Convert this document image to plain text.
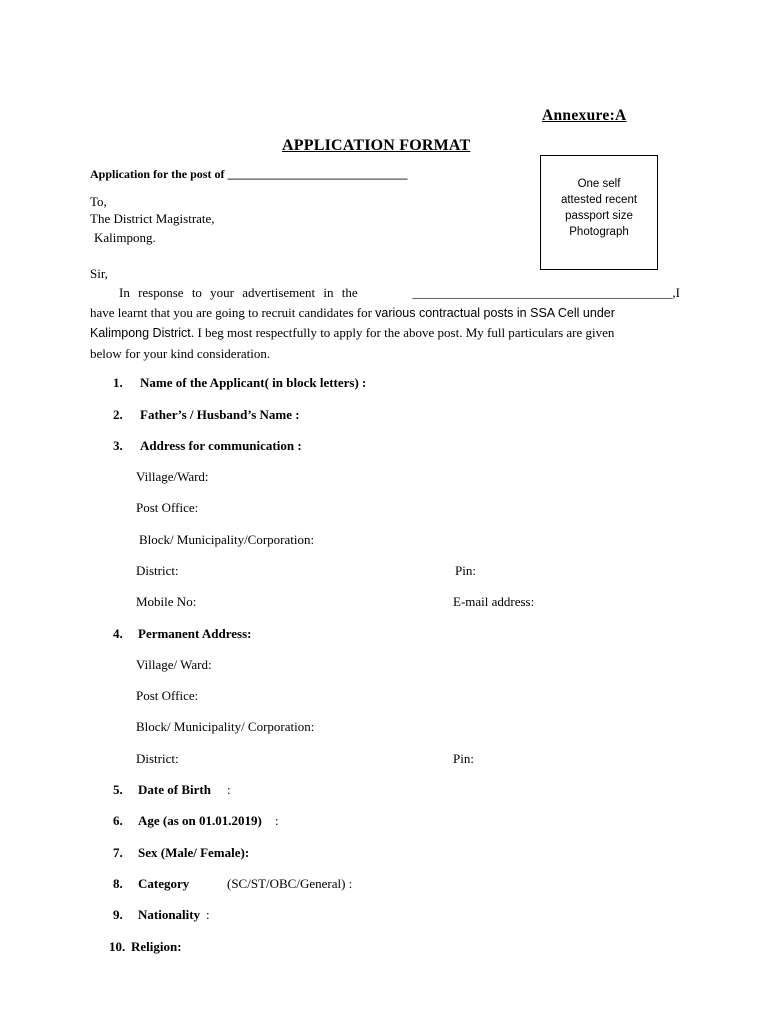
Annexure:A
APPLICATION FORMAT
Application for the post of ______________________________
One self
attested recent
passport size
Photograph
To,
The District Magistrate,
Kalimpong.
Sir,
In response to your advertisement in the	________________________________________,I
have learnt that you are going to recruit candidates for various contractual posts in SSA Cell under
Kalimpong District. I beg most respectfully to apply for the above post. My full particulars are given
below for your kind consideration.
1. Name of the Applicant( in block letters) :
2. Father’s / Husband’s Name :
3. Address for communication :
Village/Ward:
Post Office:
Block/ Municipality/Corporation:
District:	Pin:
Mobile No:	E-mail address:
4. Permanent Address:
Village/ Ward:
Post Office:
Block/ Municipality/ Corporation:
District:	Pin:
5. Date of Birth :
6. Age (as on 01.01.2019) :
7. Sex (Male/ Female):
8. Category	(SC/ST/OBC/General) :
9. Nationality :
10. Religion:
